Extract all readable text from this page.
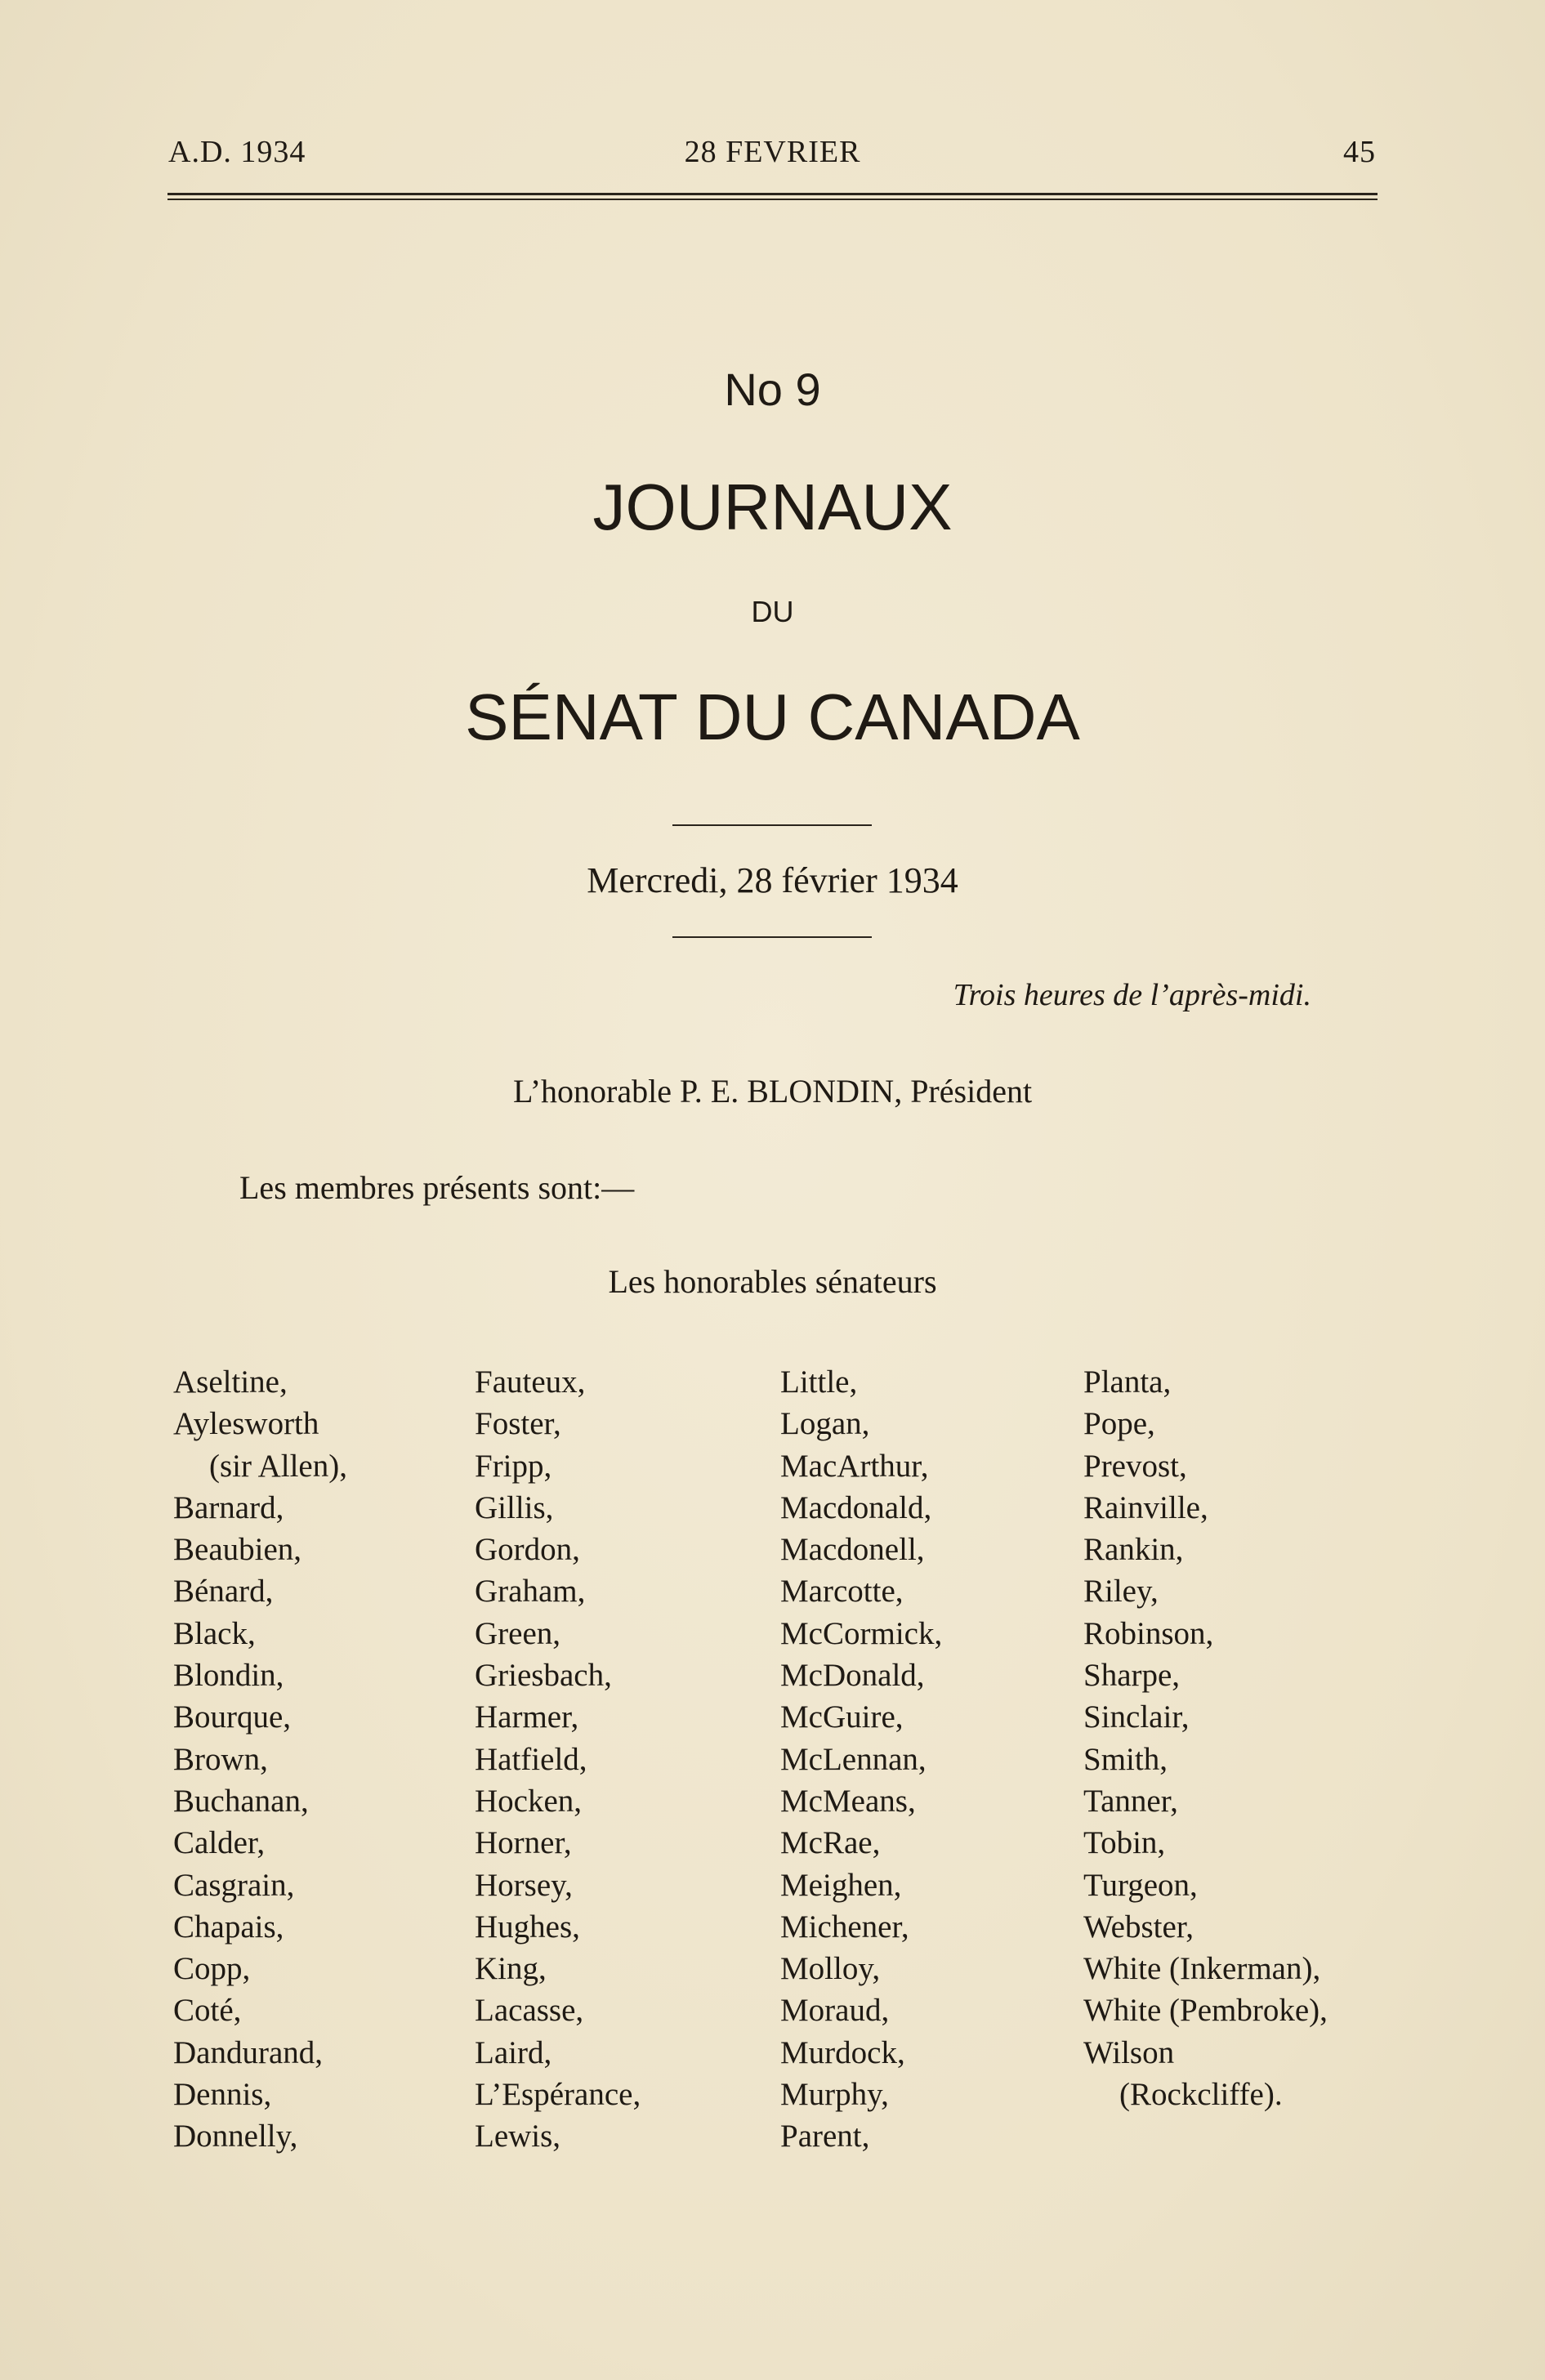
A.D. 1934	28 FEVRIER	45
No 9
JOURNAUX
DU
SÉNAT DU CANADA
Mercredi, 28 février 1934
Trois heures de l’après-midi.
L’honorable P. E. BLONDIN, Président
Les membres présents sont:—
Les honorables sénateurs
Aseltine,
Aylesworth
(sir Allen),
Barnard,
Beaubien,
Bénard,
Black,
Blondin,
Bourque,
Brown,
Buchanan,
Calder,
Casgrain,
Chapais,
Copp,
Coté,
Dandurand,
Dennis,
Donnelly,
Fauteux,
Foster,
Fripp,
Gillis,
Gordon,
Graham,
Green,
Griesbach,
Harmer,
Hatfield,
Hocken,
Horner,
Horsey,
Hughes,
King,
Lacasse,
Laird,
L’Espérance,
Lewis,
Little,
Logan,
MacArthur,
Macdonald,
Macdonell,
Marcotte,
McCormick,
McDonald,
McGuire,
McLennan,
McMeans,
McRae,
Meighen,
Michener,
Molloy,
Moraud,
Murdock,
Murphy,
Parent,
Planta,
Pope,
Prevost,
Rainville,
Rankin,
Riley,
Robinson,
Sharpe,
Sinclair,
Smith,
Tanner,
Tobin,
Turgeon,
Webster,
White (Inkerman),
White (Pembroke),
Wilson
(Rockcliffe).
